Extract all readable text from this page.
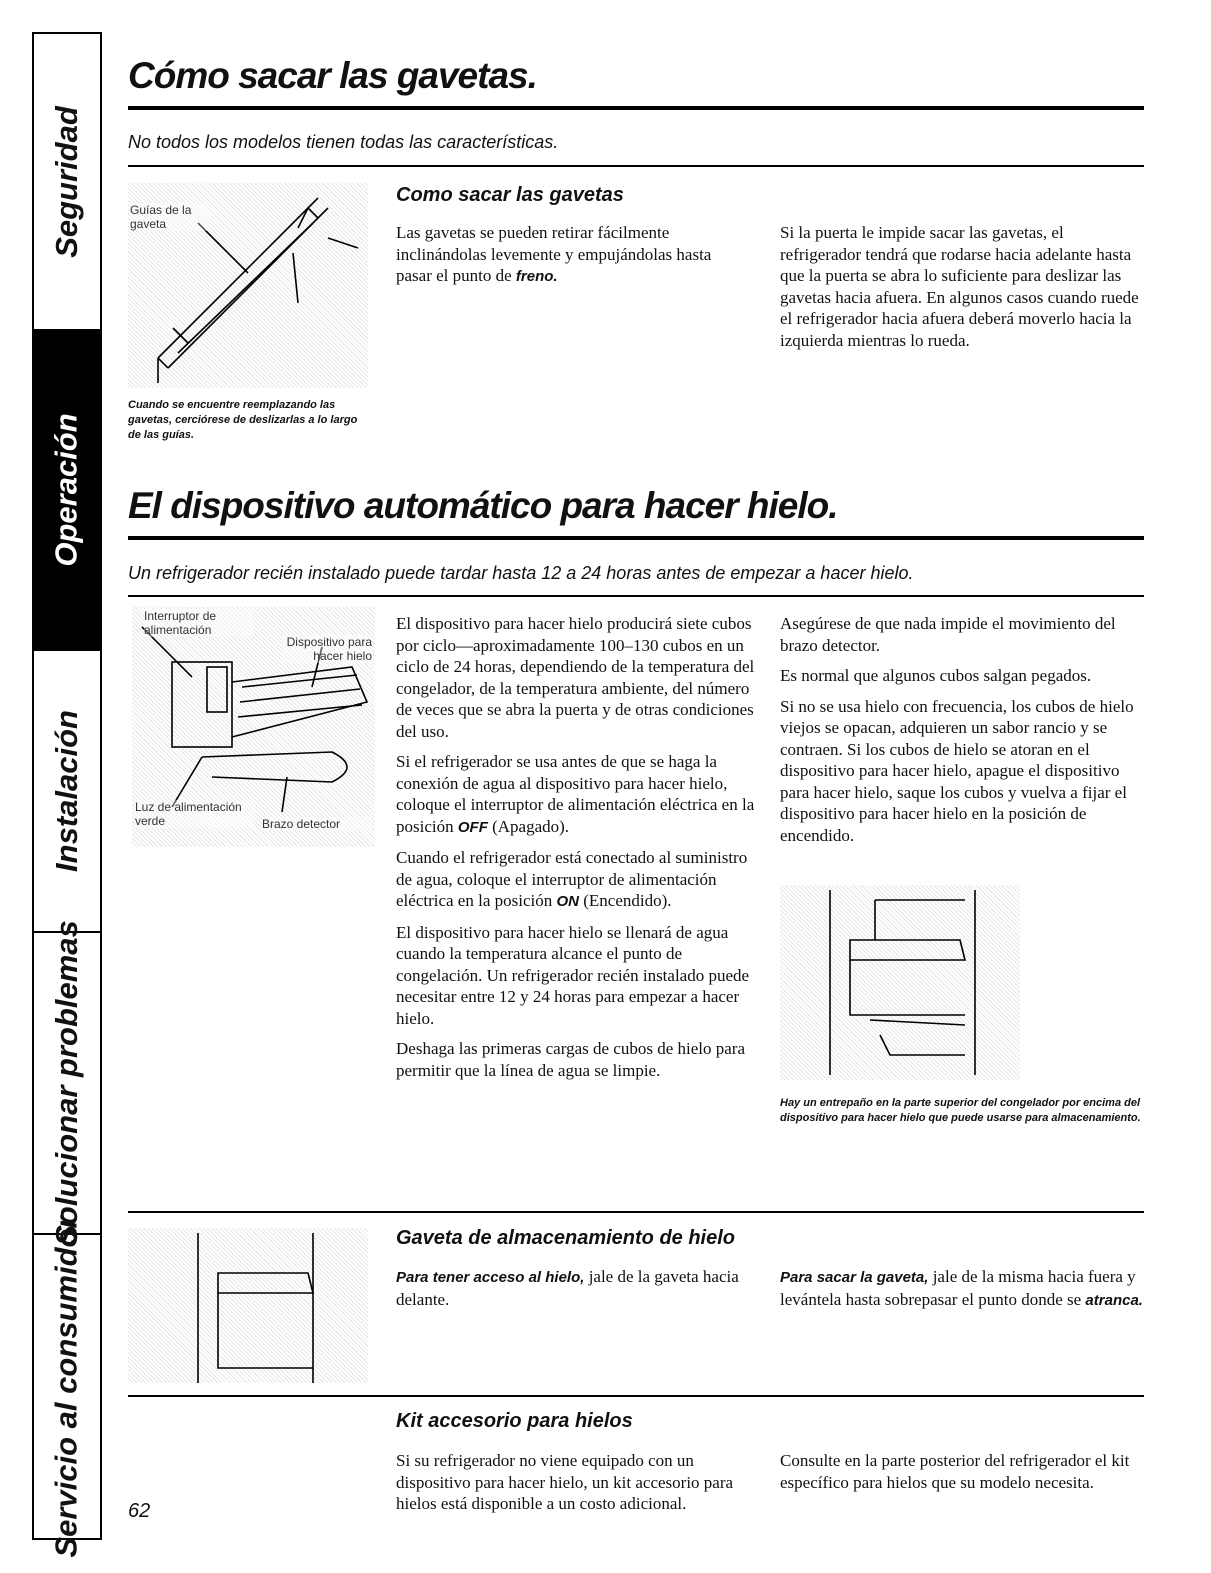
Seguridad
Operación
Instalación
Solucionar problemas
Servicio al consumidor
Cómo sacar las gavetas.
No todos los modelos tienen todas las características.
Guías de la gaveta
Cuando se encuentre reemplazando las gavetas, cerciórese de deslizarlas a lo largo de las guías.
Como sacar las gavetas
Las gavetas se pueden retirar fácilmente inclinándolas levemente y empujándolas hasta pasar el punto de freno.
Si la puerta le impide sacar las gavetas, el refrigerador tendrá que rodarse hacia adelante hasta que la puerta se abra lo suficiente para deslizar las gavetas hacia afuera. En algunos casos cuando ruede el refrigerador hacia afuera deberá moverlo hacia la izquierda mientras lo rueda.
El dispositivo automático para hacer hielo.
Un refrigerador recién instalado puede tardar hasta 12 a 24 horas antes de empezar a hacer hielo.
Interruptor de alimentación
Dispositivo para hacer hielo
Luz de alimentación verde	Brazo detector

El dispositivo para hacer hielo producirá siete cubos por ciclo—aproximadamente 100–130 cubos en un ciclo de 24 horas, dependiendo de la temperatura del congelador, de la temperatura ambiente, del número de veces que se abra la puerta y de otras condiciones del uso.

Si el refrigerador se usa antes de que se haga la conexión de agua al dispositivo para hacer hielo, coloque el interruptor de alimentación eléctrica en la posición OFF (Apagado).

Cuando el refrigerador está conectado al suministro de agua, coloque el interruptor de alimentación eléctrica en la posición ON (Encendido).

El dispositivo para hacer hielo se llenará de agua cuando la temperatura alcance el punto de congelación. Un refrigerador recién instalado puede necesitar entre 12 y 24 horas para empezar a hacer hielo.

Deshaga las primeras cargas de cubos de hielo para permitir que la línea de agua se limpie.

Asegúrese de que nada impide el movimiento del brazo detector.

Es normal que algunos cubos salgan pegados.

Si no se usa hielo con frecuencia, los cubos de hielo viejos se opacan, adquieren un sabor rancio y se contraen. Si los cubos de hielo se atoran en el dispositivo para hacer hielo, apague el dispositivo para hacer hielo, saque los cubos y vuelva a fijar el dispositivo para hacer hielo en la posición de encendido.

Hay un entrepaño en la parte superior del congelador por encima del dispositivo para hacer hielo que puede usarse para almacenamiento.
Gaveta de almacenamiento de hielo
Para tener acceso al hielo, jale de la gaveta hacia delante.
Para sacar la gaveta, jale de la misma hacia fuera y levántela hasta sobrepasar el punto donde se atranca.
Kit accesorio para hielos
Si su refrigerador no viene equipado con un dispositivo para hacer hielo, un kit accesorio para hielos está disponible a un costo adicional.
Consulte en la parte posterior del refrigerador el kit específico para hielos que su modelo necesita.
62
